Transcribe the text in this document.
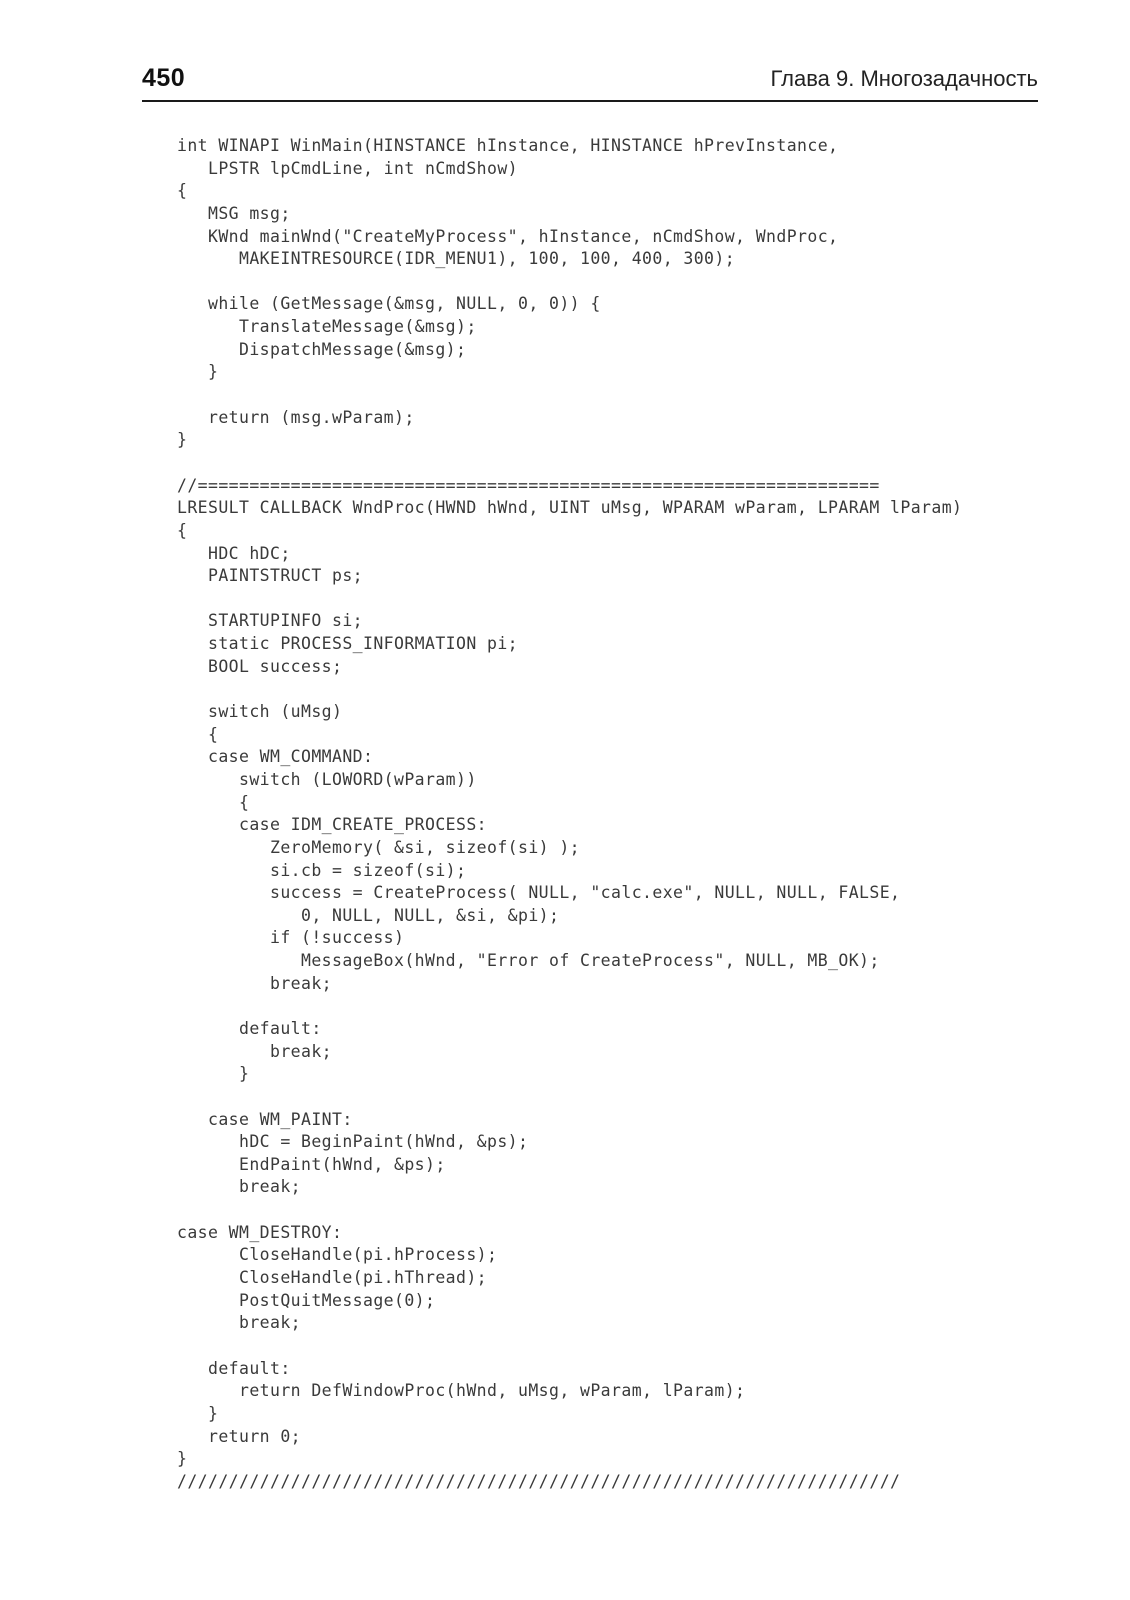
450	Глава 9. Многозадачность
int WINAPI WinMain(HINSTANCE hInstance, HINSTANCE hPrevInstance,
LPSTR lpCmdLine, int nCmdShow)
{
MSG msg;
KWnd mainWnd("CreateMyProcess", hInstance, nCmdShow, WndProc,
MAKEINTRESOURCE(IDR_MENU1), 100, 100, 400, 300);
while (GetMessage(&msg, NULL, 0, 0)) {
TranslateMessage(&msg);
DispatchMessage(&msg);
}
return (msg.wParam);
}
//==================================================================
LRESULT CALLBACK WndProc(HWND hWnd, UINT uMsg, WPARAM wParam, LPARAM lParam)
{
HDC hDC;
PAINTSTRUCT ps;
STARTUPINFO si;
static PROCESS_INFORMATION pi;
BOOL success;
switch (uMsg)
{
case WM_COMMAND:
switch (LOWORD(wParam))
{
case IDM_CREATE_PROCESS:
ZeroMemory( &si, sizeof(si) );
si.cb = sizeof(si);
success = CreateProcess( NULL, "calc.exe", NULL, NULL, FALSE,
0, NULL, NULL, &si, &pi);
if (!success)
MessageBox(hWnd, "Error of CreateProcess", NULL, MB_OK);
break;
default:
break;
}
case WM_PAINT:
hDC = BeginPaint(hWnd, &ps);
EndPaint(hWnd, &ps);
break;
case WM_DESTROY:
CloseHandle(pi.hProcess);
CloseHandle(pi.hThread);
PostQuitMessage(0);
break;
default:
return DefWindowProc(hWnd, uMsg, wParam, lParam);
}
return 0;
}
//////////////////////////////////////////////////////////////////////
